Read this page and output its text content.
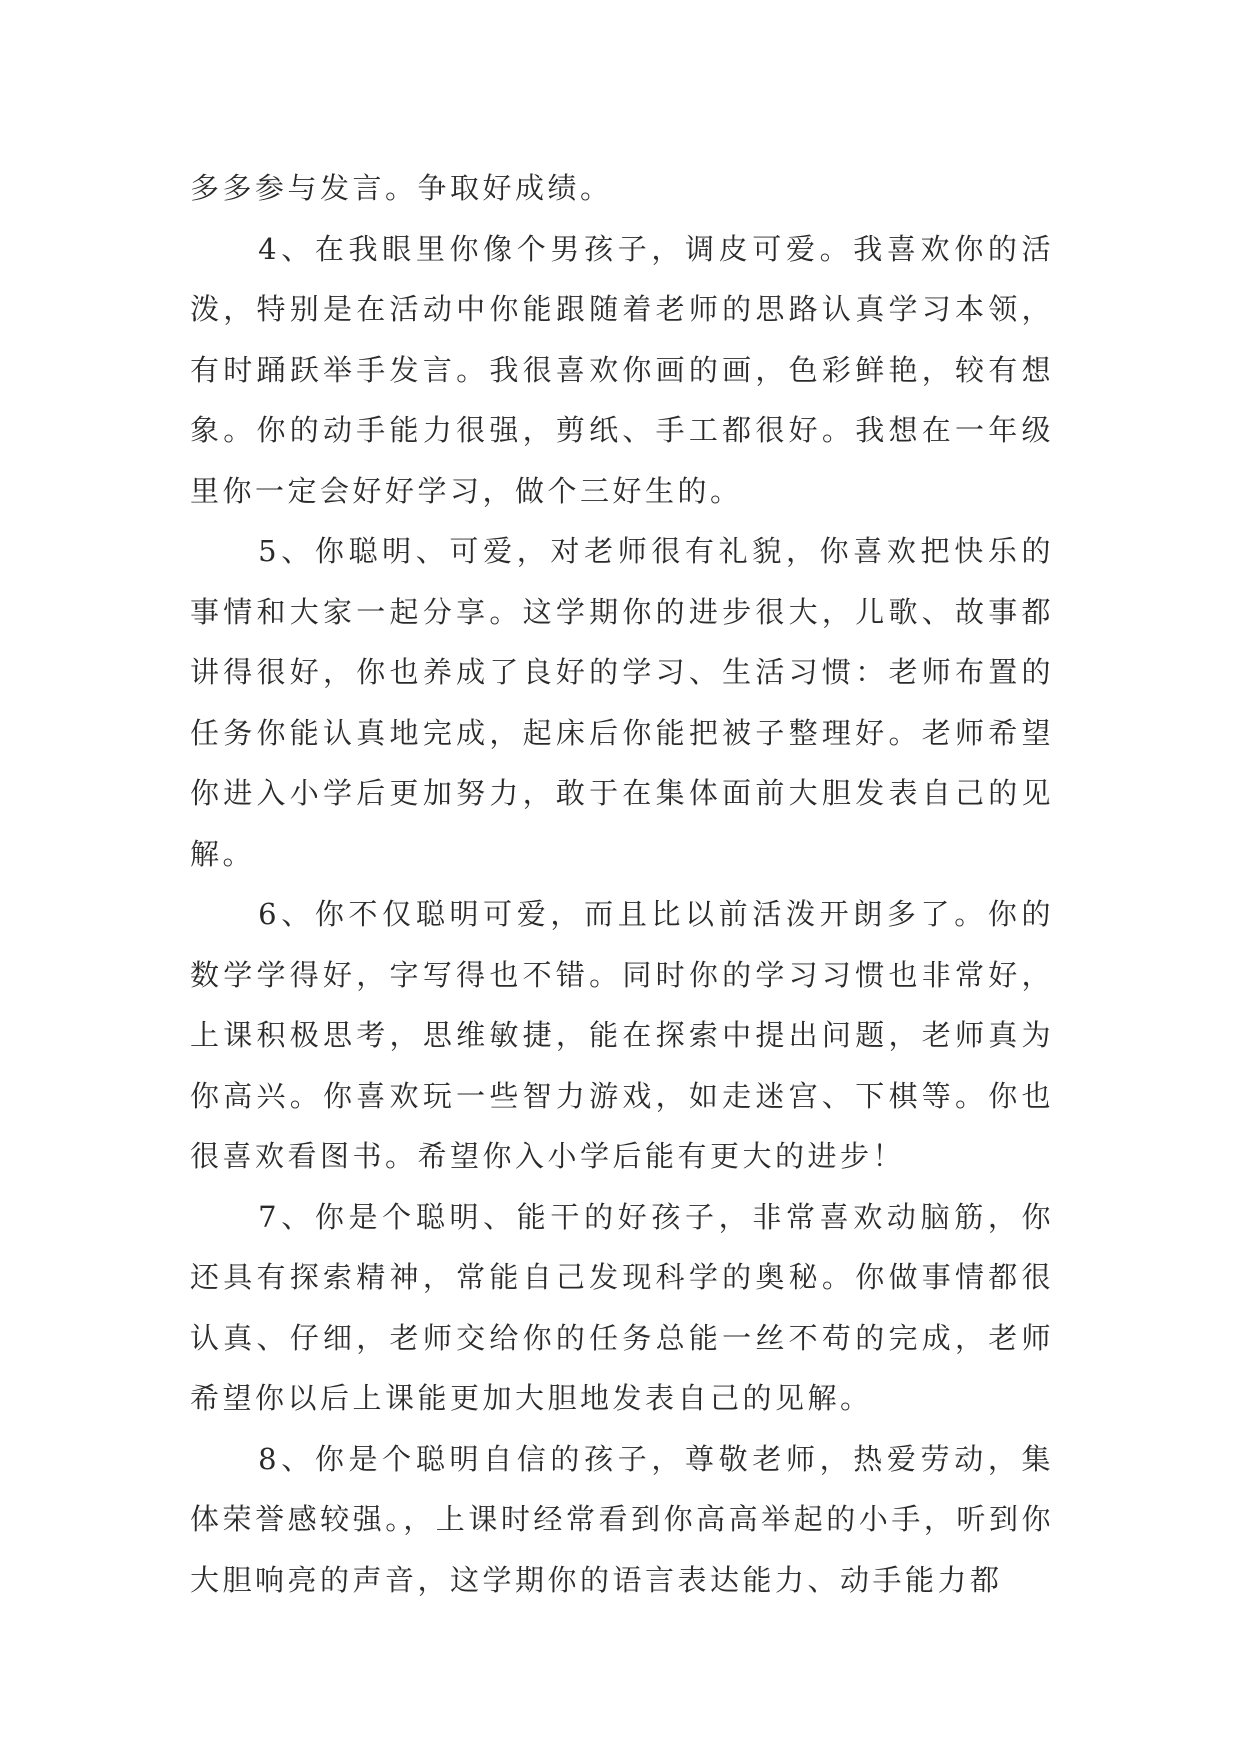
多多参与发言。争取好成绩。

4、在我眼里你像个男孩子，调皮可爱。我喜欢你的活泼，特别是在活动中你能跟随着老师的思路认真学习本领，有时踊跃举手发言。我很喜欢你画的画，色彩鲜艳，较有想象。你的动手能力很强，剪纸、手工都很好。我想在一年级里你一定会好好学习，做个三好生的。

5、你聪明、可爱，对老师很有礼貌，你喜欢把快乐的事情和大家一起分享。这学期你的进步很大，儿歌、故事都讲得很好，你也养成了良好的学习、生活习惯：老师布置的任务你能认真地完成，起床后你能把被子整理好。老师希望你进入小学后更加努力，敢于在集体面前大胆发表自己的见解。

6、你不仅聪明可爱，而且比以前活泼开朗多了。你的数学学得好，字写得也不错。同时你的学习习惯也非常好，上课积极思考，思维敏捷，能在探索中提出问题，老师真为你高兴。你喜欢玩一些智力游戏，如走迷宫、下棋等。你也很喜欢看图书。希望你入小学后能有更大的进步！

7、你是个聪明、能干的好孩子，非常喜欢动脑筋，你还具有探索精神，常能自己发现科学的奥秘。你做事情都很认真、仔细，老师交给你的任务总能一丝不苟的完成，老师希望你以后上课能更加大胆地发表自己的见解。

8、你是个聪明自信的孩子，尊敬老师，热爱劳动，集体荣誉感较强。，上课时经常看到你高高举起的小手，听到你大胆响亮的声音，这学期你的语言表达能力、动手能力都
